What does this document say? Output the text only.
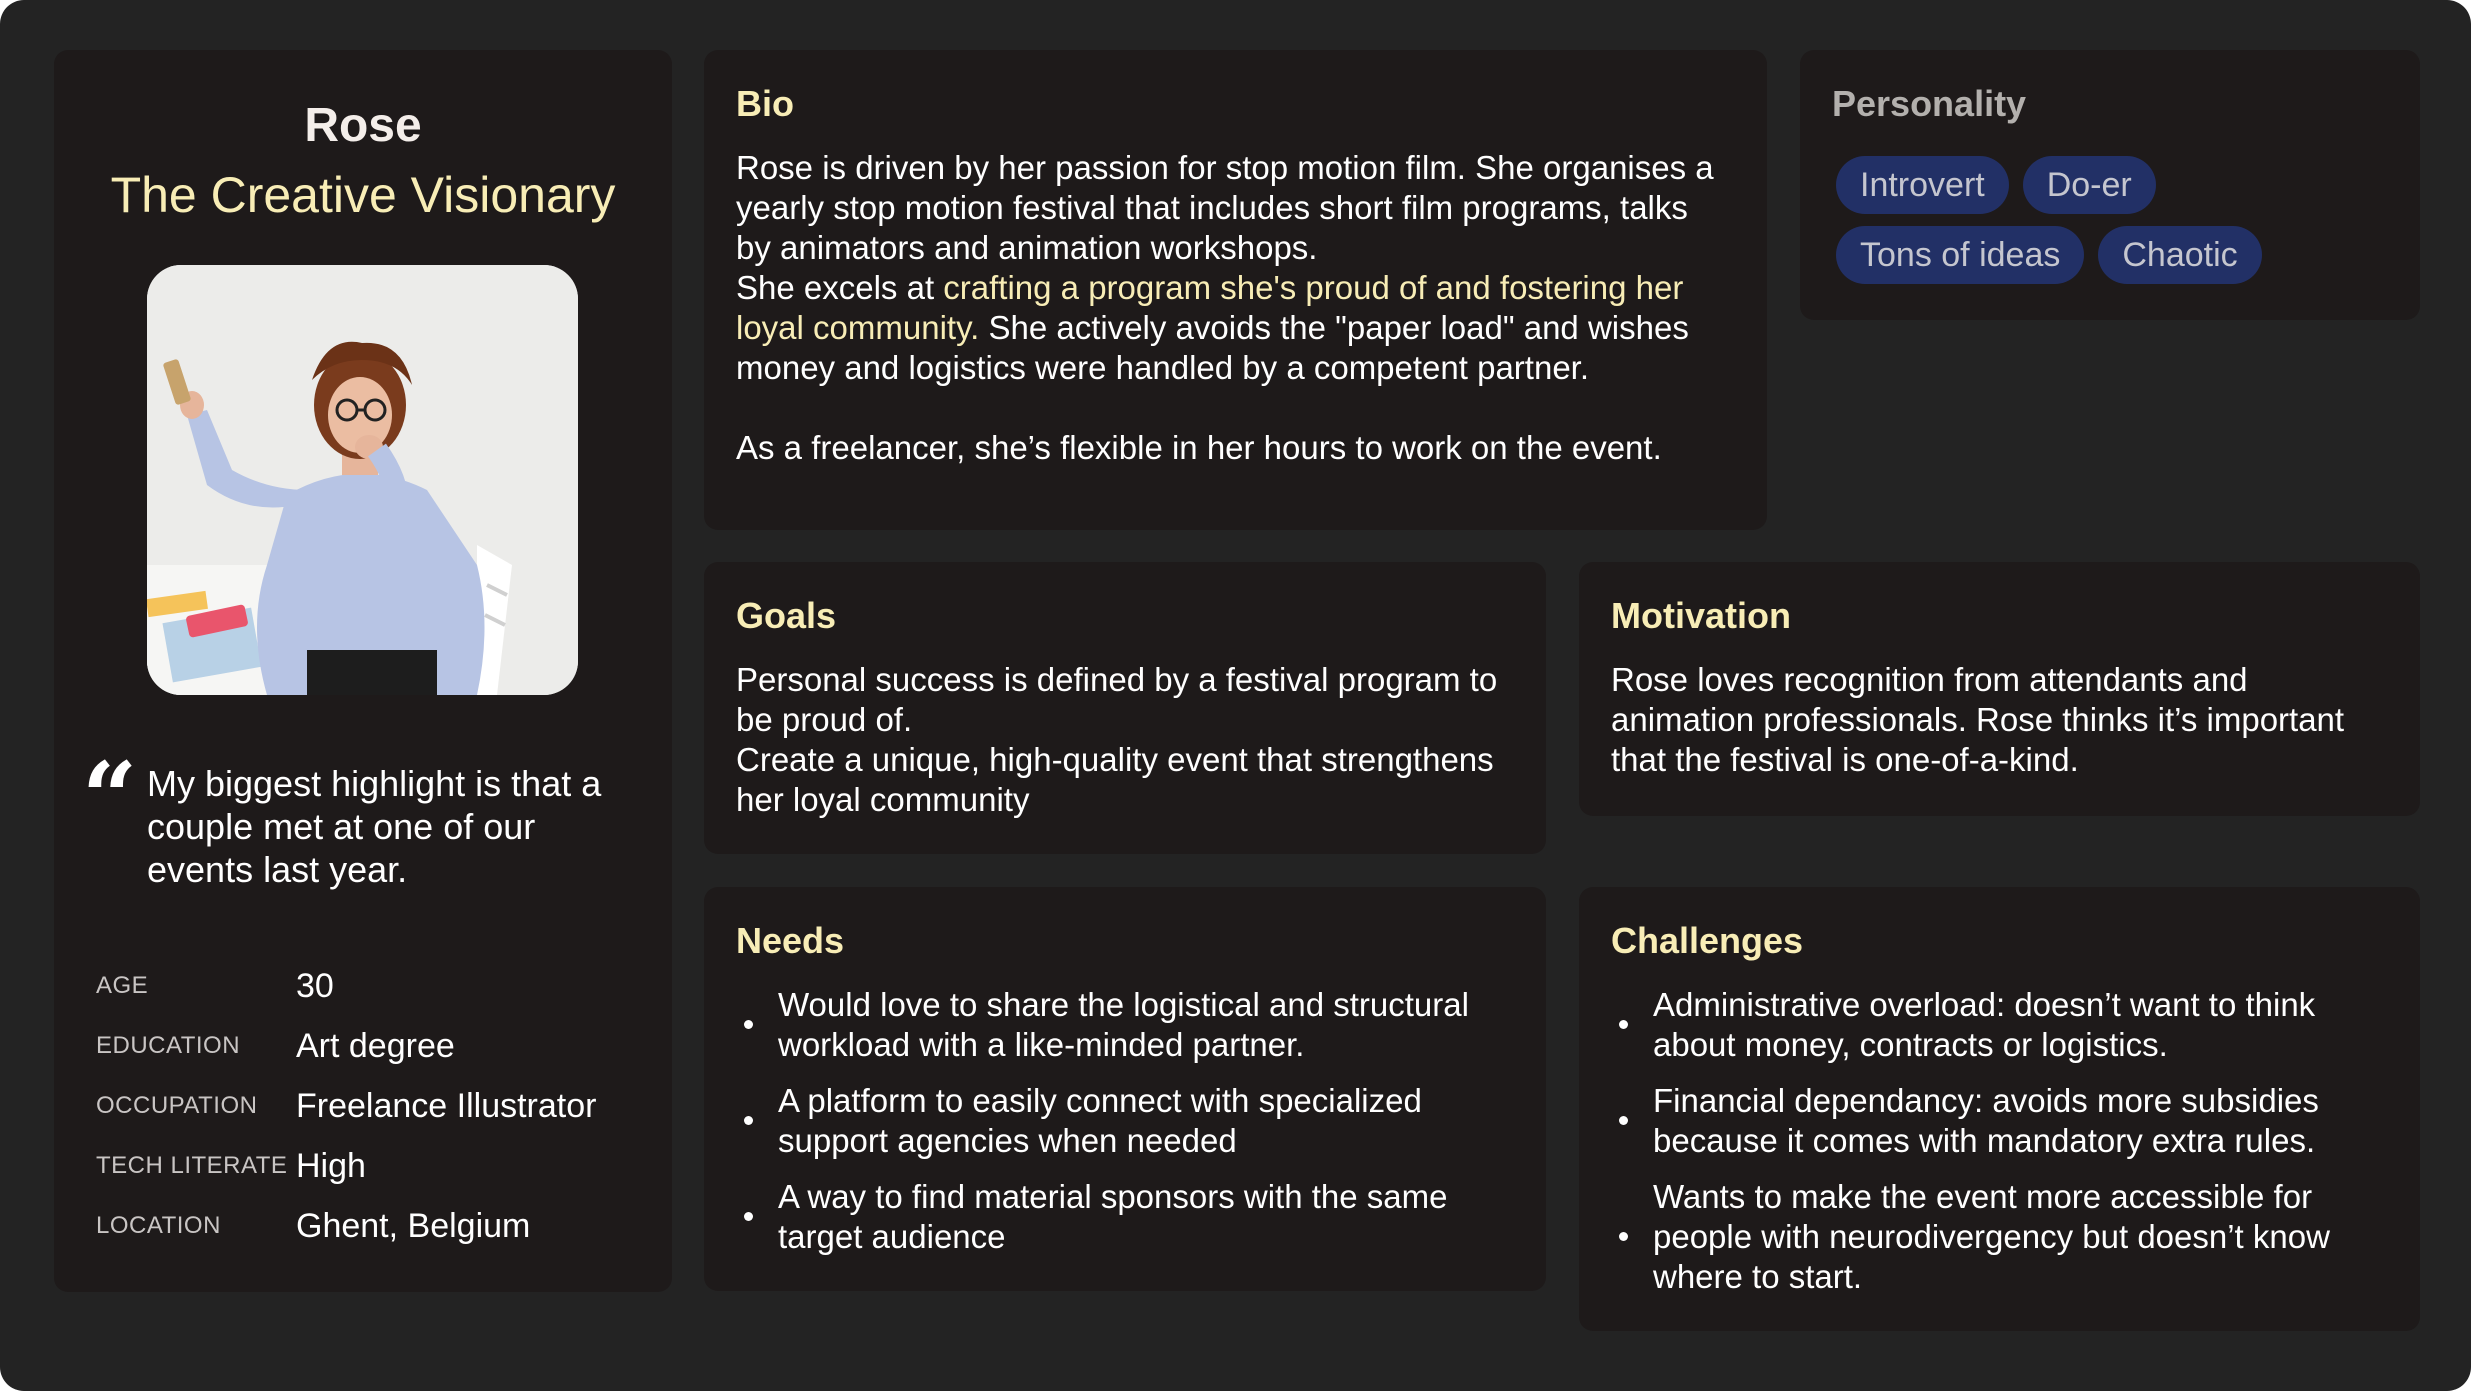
Rose
The Creative Visionary
“ My biggest highlight is that a couple met at one of our events last year.
AGE	30
EDUCATION	Art degree
OCCUPATION	Freelance Illustrator
TECH LITERATE High
LOCATION	Ghent, Belgium
Bio
Rose is driven by her passion for stop motion film. She organises a yearly stop motion festival that includes short film programs, talks by animators and animation workshops.
She excels at crafting a program she's proud of and fostering her loyal community. She actively avoids the "paper load" and wishes money and logistics were handled by a competent partner.
As a freelancer, she’s flexible in her hours to work on the event.
Personality
Introvert	Do-er
Tons of ideas	Chaotic
Goals
Personal success is defined by a festival program to be proud of.
Create a unique, high-quality event that strengthens her loyal community
Motivation
Rose loves recognition from attendants and animation professionals. Rose thinks it’s important that the festival is one-of-a-kind.
Needs
Would love to share the logistical and structural workload with a like-minded partner.
A platform to easily connect with specialized support agencies when needed
A way to find material sponsors with the same target audience
Challenges
Administrative overload: doesn’t want to think about money, contracts or logistics.
Financial dependancy: avoids more subsidies because it comes with mandatory extra rules.
Wants to make the event more accessible for people with neurodivergency but doesn’t know where to start.
